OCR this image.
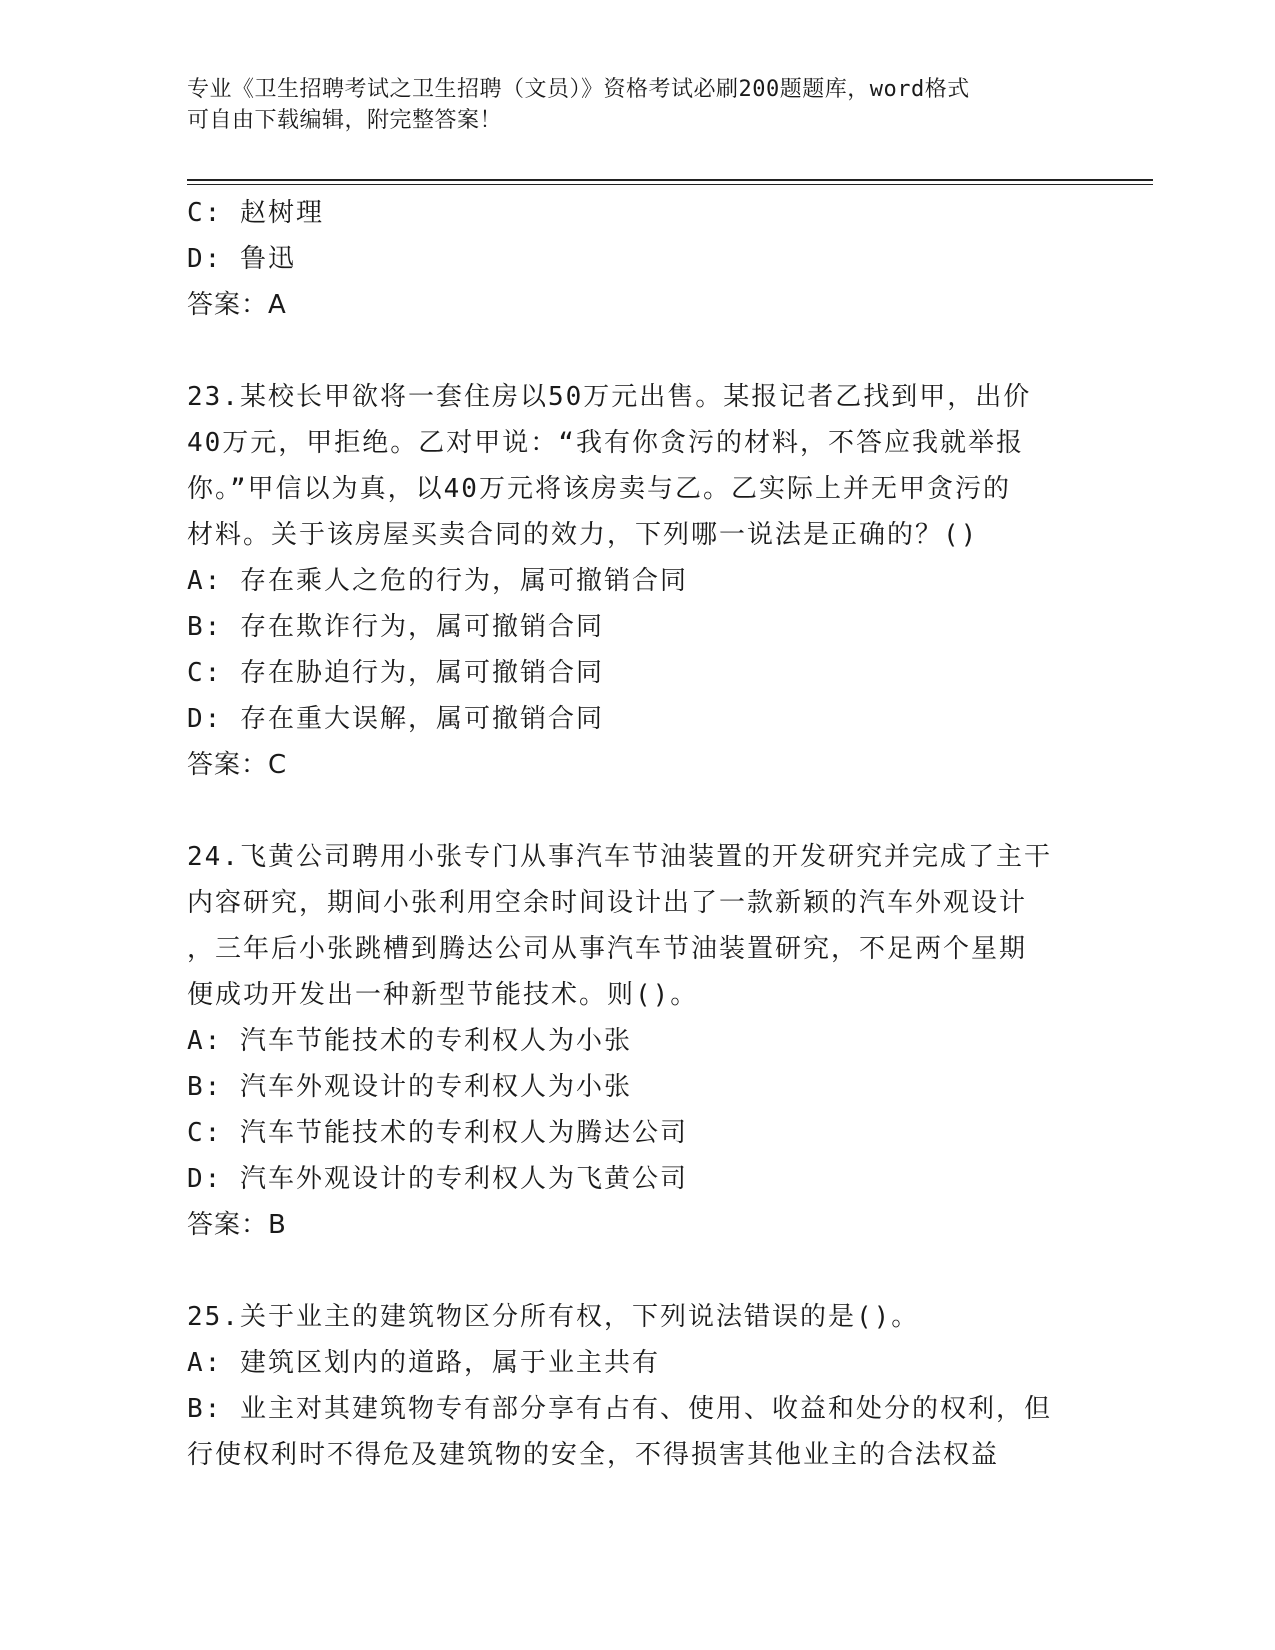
专业《卫生招聘考试之卫生招聘（文员）》资格考试必刷200题题库，word格式
可自由下载编辑，附完整答案！
C: 赵树理
D: 鲁迅
答案：A
23.某校长甲欲将一套住房以50万元出售。某报记者乙找到甲，出价
40万元，甲拒绝。乙对甲说：“我有你贪污的材料，不答应我就举报
你。”甲信以为真，以40万元将该房卖与乙。乙实际上并无甲贪污的
材料。关于该房屋买卖合同的效力，下列哪一说法是正确的？()
A: 存在乘人之危的行为，属可撤销合同
B: 存在欺诈行为，属可撤销合同
C: 存在胁迫行为，属可撤销合同
D: 存在重大误解，属可撤销合同
答案：C
24.飞黄公司聘用小张专门从事汽车节油装置的开发研究并完成了主干
内容研究，期间小张利用空余时间设计出了一款新颖的汽车外观设计
，三年后小张跳槽到腾达公司从事汽车节油装置研究，不足两个星期
便成功开发出一种新型节能技术。则()。
A: 汽车节能技术的专利权人为小张
B: 汽车外观设计的专利权人为小张
C: 汽车节能技术的专利权人为腾达公司
D: 汽车外观设计的专利权人为飞黄公司
答案：B
25.关于业主的建筑物区分所有权，下列说法错误的是()。
A: 建筑区划内的道路，属于业主共有
B: 业主对其建筑物专有部分享有占有、使用、收益和处分的权利，但
行使权利时不得危及建筑物的安全，不得损害其他业主的合法权益
